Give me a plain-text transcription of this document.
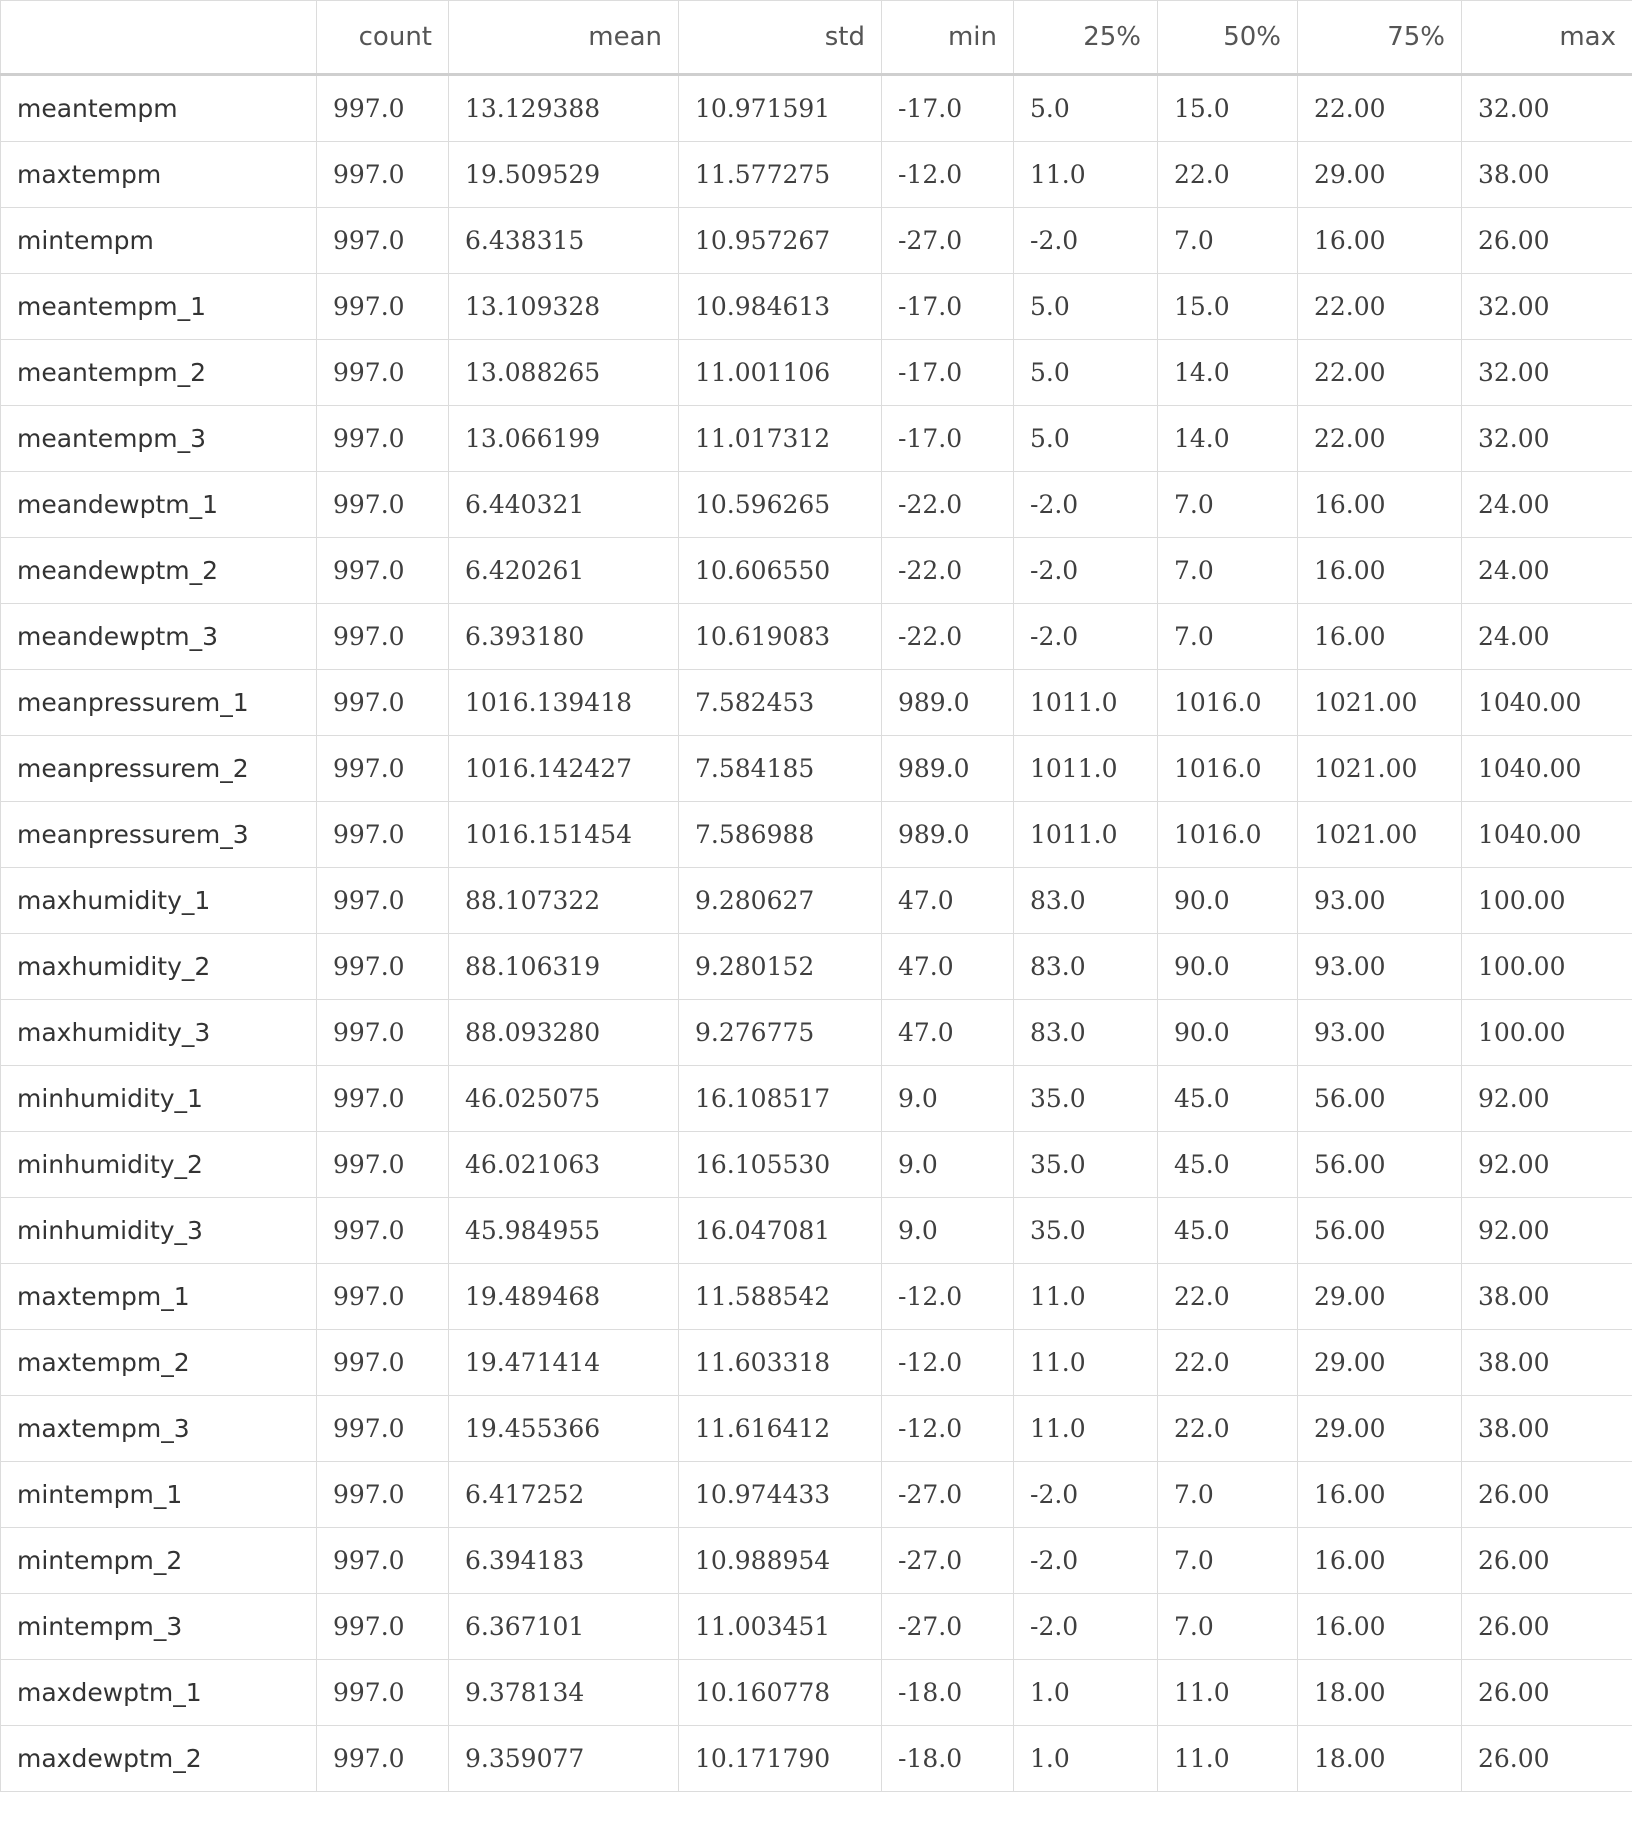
	count	mean	std	min	25%	50%	75%	max
meantempm	997.0	13.129388	10.971591	-17.0	5.0	15.0	22.00	32.00
maxtempm	997.0	19.509529	11.577275	-12.0	11.0	22.0	29.00	38.00
mintempm	997.0	6.438315	10.957267	-27.0	-2.0	7.0	16.00	26.00
meantempm_1	997.0	13.109328	10.984613	-17.0	5.0	15.0	22.00	32.00
meantempm_2	997.0	13.088265	11.001106	-17.0	5.0	14.0	22.00	32.00
meantempm_3	997.0	13.066199	11.017312	-17.0	5.0	14.0	22.00	32.00
meandewptm_1	997.0	6.440321	10.596265	-22.0	-2.0	7.0	16.00	24.00
meandewptm_2	997.0	6.420261	10.606550	-22.0	-2.0	7.0	16.00	24.00
meandewptm_3	997.0	6.393180	10.619083	-22.0	-2.0	7.0	16.00	24.00
meanpressurem_1	997.0	1016.139418	7.582453	989.0	1011.0	1016.0	1021.00	1040.00
meanpressurem_2	997.0	1016.142427	7.584185	989.0	1011.0	1016.0	1021.00	1040.00
meanpressurem_3	997.0	1016.151454	7.586988	989.0	1011.0	1016.0	1021.00	1040.00
maxhumidity_1	997.0	88.107322	9.280627	47.0	83.0	90.0	93.00	100.00
maxhumidity_2	997.0	88.106319	9.280152	47.0	83.0	90.0	93.00	100.00
maxhumidity_3	997.0	88.093280	9.276775	47.0	83.0	90.0	93.00	100.00
minhumidity_1	997.0	46.025075	16.108517	9.0	35.0	45.0	56.00	92.00
minhumidity_2	997.0	46.021063	16.105530	9.0	35.0	45.0	56.00	92.00
minhumidity_3	997.0	45.984955	16.047081	9.0	35.0	45.0	56.00	92.00
maxtempm_1	997.0	19.489468	11.588542	-12.0	11.0	22.0	29.00	38.00
maxtempm_2	997.0	19.471414	11.603318	-12.0	11.0	22.0	29.00	38.00
maxtempm_3	997.0	19.455366	11.616412	-12.0	11.0	22.0	29.00	38.00
mintempm_1	997.0	6.417252	10.974433	-27.0	-2.0	7.0	16.00	26.00
mintempm_2	997.0	6.394183	10.988954	-27.0	-2.0	7.0	16.00	26.00
mintempm_3	997.0	6.367101	11.003451	-27.0	-2.0	7.0	16.00	26.00
maxdewptm_1	997.0	9.378134	10.160778	-18.0	1.0	11.0	18.00	26.00
maxdewptm_2	997.0	9.359077	10.171790	-18.0	1.0	11.0	18.00	26.00
